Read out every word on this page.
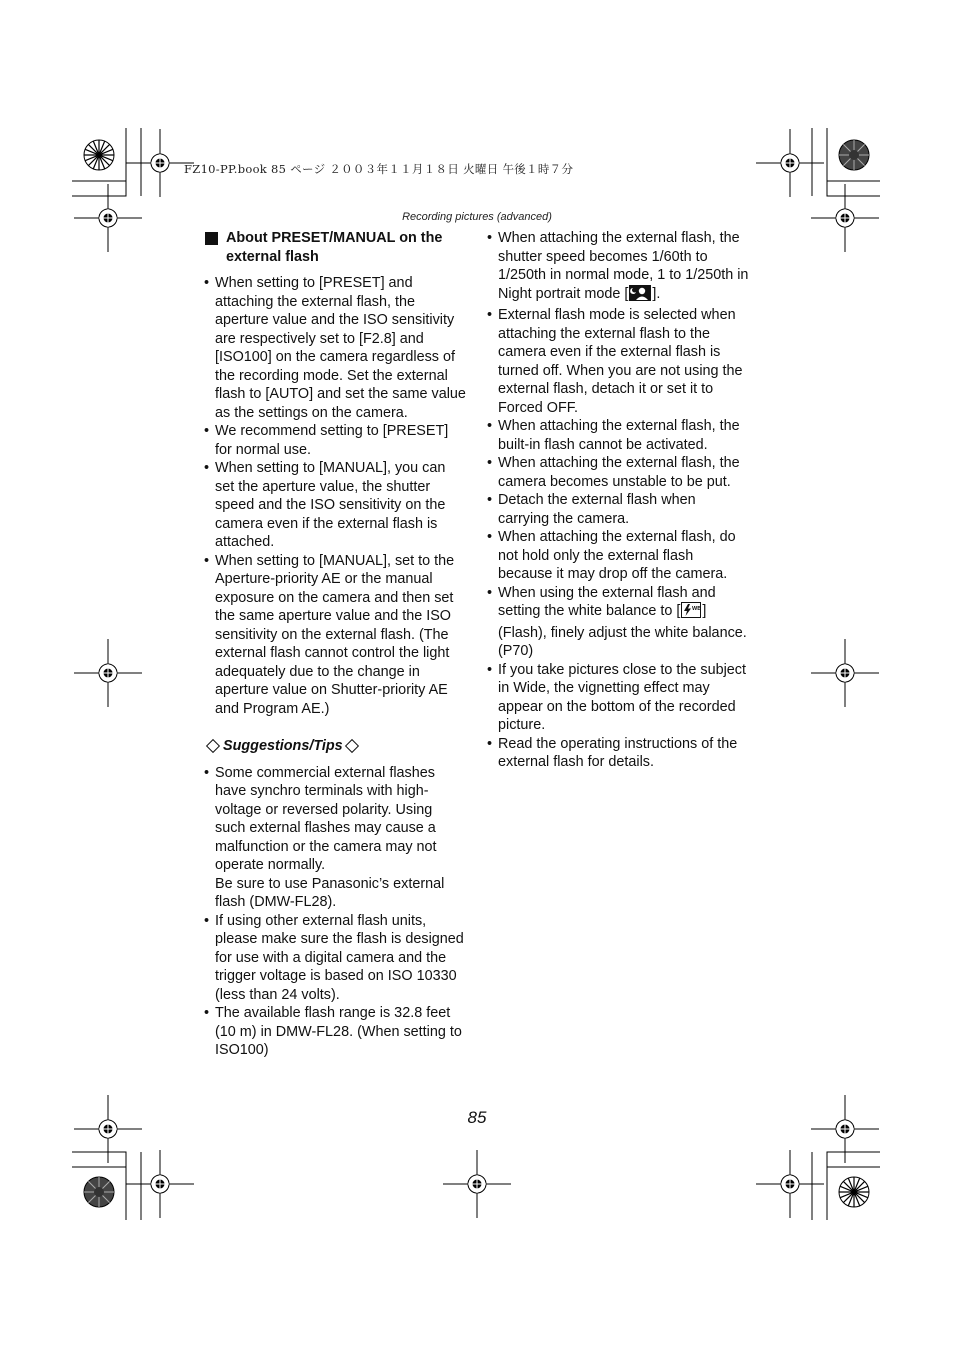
FZ10-PP.book 85 ページ ２００３年１１月１８日 火曜日 午後１時７分
Recording pictures (advanced)
About PRESET/MANUAL on the external flash
• When setting to [PRESET] and attaching the external flash, the aperture value and the ISO sensitivity are respectively set to [F2.8] and [ISO100] on the camera regardless of the recording mode. Set the external flash to [AUTO] and set the same value as the settings on the camera.
• We recommend setting to [PRESET] for normal use.
• When setting to [MANUAL], you can set the aperture value, the shutter speed and the ISO sensitivity on the camera even if the external flash is attached.
• When setting to [MANUAL], set to the Aperture-priority AE or the manual exposure on the camera and then set the same aperture value and the ISO sensitivity on the external flash. (The external flash cannot control the light adequately due to the change in aperture value on Shutter-priority AE and Program AE.)
Suggestions/Tips
• Some commercial external flashes have synchro terminals with high-voltage or reversed polarity. Using such external flashes may cause a malfunction or the camera may not operate normally.
Be sure to use Panasonic’s external flash (DMW-FL28).
• If using other external flash units, please make sure the flash is designed for use with a digital camera and the trigger voltage is based on ISO 10330 (less than 24 volts).
• The available flash range is 32.8 feet (10 m) in DMW-FL28. (When setting to ISO100)
• When attaching the external flash, the shutter speed becomes 1/60th to 1/250th in normal mode, 1 to 1/250th in Night portrait mode [ ].
• External flash mode is selected when attaching the external flash to the camera even if the external flash is turned off. When you are not using the external flash, detach it or set it to Forced OFF.
• When attaching the external flash, the built-in flash cannot be activated.
• When attaching the external flash, the camera becomes unstable to be put.
• Detach the external flash when carrying the camera.
• When attaching the external flash, do not hold only the external flash because it may drop off the camera.
• When using the external flash and setting the white balance to [ WB ] (Flash), finely adjust the white balance. (P70)
• If you take pictures close to the subject in Wide, the vignetting effect may appear on the bottom of the recorded picture.
• Read the operating instructions of the external flash for details.
85
